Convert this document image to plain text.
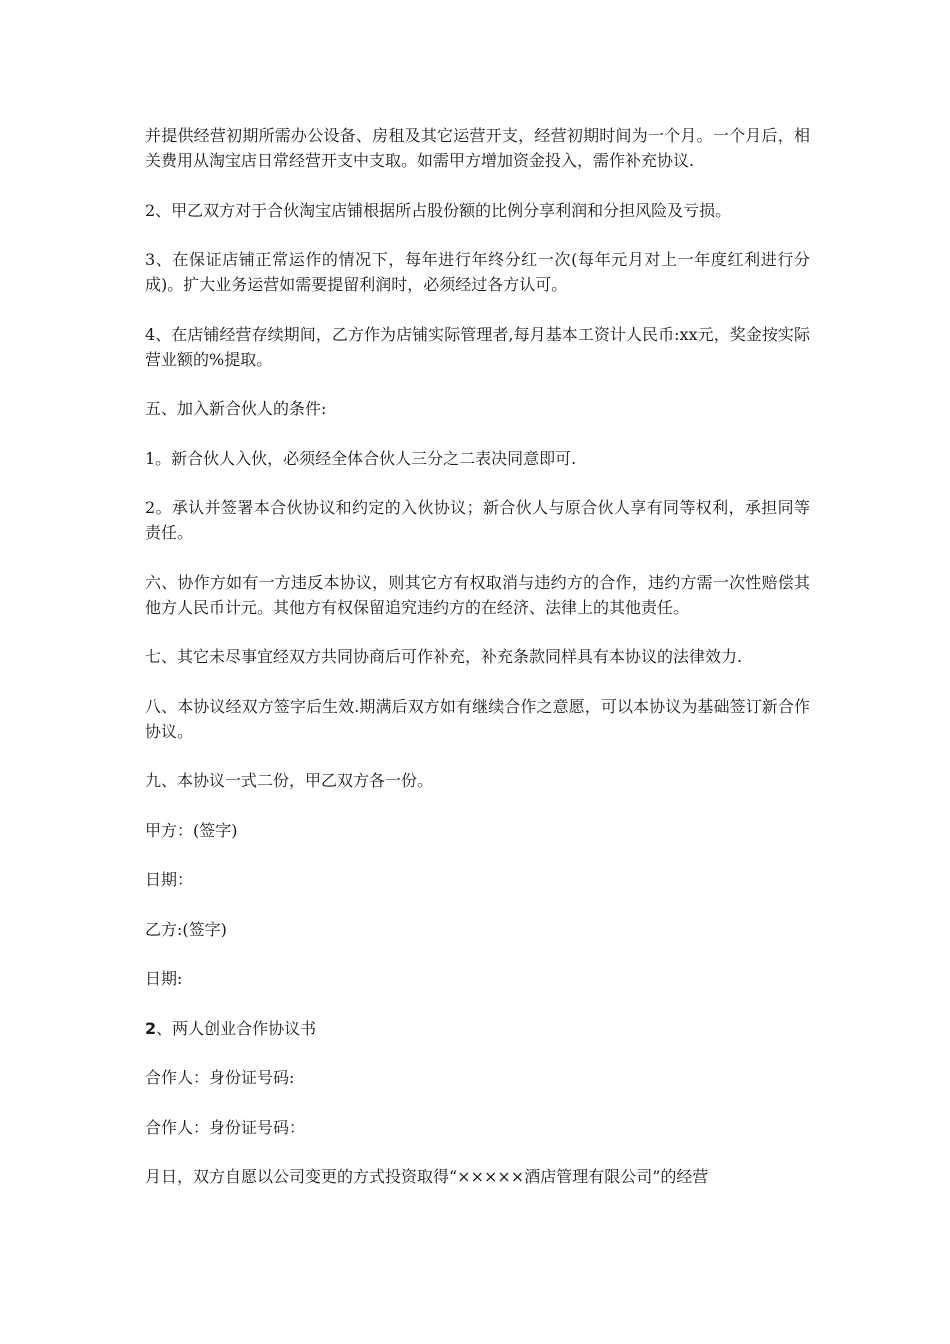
并提供经营初期所需办公设备、房租及其它运营开支，经营初期时间为一个月。一个月后，相关费用从淘宝店日常经营开支中支取。如需甲方增加资金投入，需作补充协议.

2、甲乙双方对于合伙淘宝店铺根据所占股份额的比例分享利润和分担风险及亏损。

3、在保证店铺正常运作的情况下，每年进行年终分红一次(每年元月对上一年度红利进行分成)。扩大业务运营如需要提留利润时，必须经过各方认可。

4、在店铺经营存续期间，乙方作为店铺实际管理者,每月基本工资计人民币:xx元，奖金按实际营业额的%提取。

五、加入新合伙人的条件:

1。新合伙人入伙，必须经全体合伙人三分之二表决同意即可.

2。承认并签署本合伙协议和约定的入伙协议；新合伙人与原合伙人享有同等权利，承担同等责任。

六、协作方如有一方违反本协议，则其它方有权取消与违约方的合作，违约方需一次性赔偿其他方人民币计元。其他方有权保留追究违约方的在经济、法律上的其他责任。

七、其它未尽事宜经双方共同协商后可作补充，补充条款同样具有本协议的法律效力.

八、本协议经双方签字后生效.期满后双方如有继续合作之意愿，可以本协议为基础签订新合作协议。

九、本协议一式二份，甲乙双方各一份。

甲方：(签字)

日期：

乙方:(签字)

日期:

2、两人创业合作协议书

合作人：身份证号码:

合作人：身份证号码：

月日，双方自愿以公司变更的方式投资取得“×××××酒店管理有限公司”的经营
